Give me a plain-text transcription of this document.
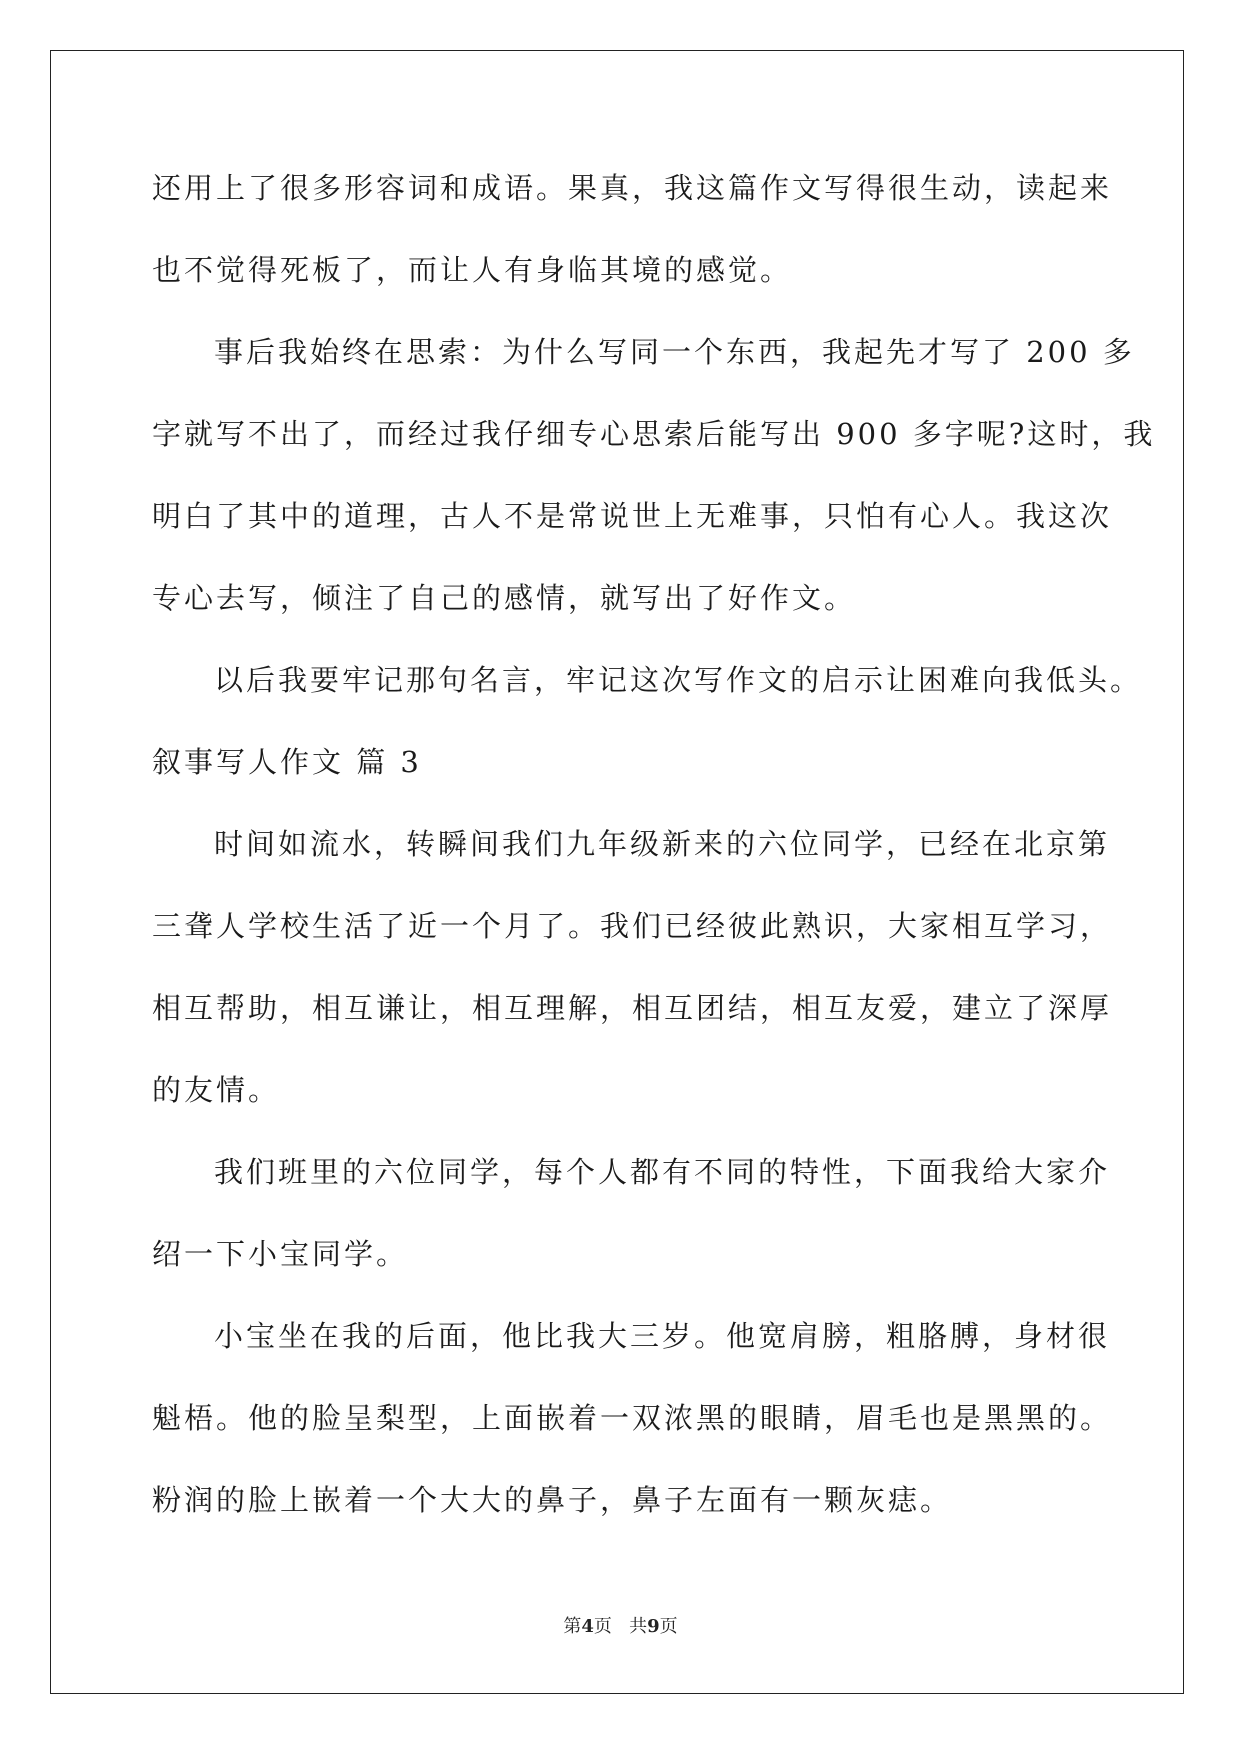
还用上了很多形容词和成语。果真，我这篇作文写得很生动，读起来
也不觉得死板了，而让人有身临其境的感觉。
事后我始终在思索：为什么写同一个东西，我起先才写了 200 多
字就写不出了，而经过我仔细专心思索后能写出 900 多字呢?这时，我
明白了其中的道理，古人不是常说世上无难事，只怕有心人。我这次
专心去写，倾注了自己的感情，就写出了好作文。
以后我要牢记那句名言，牢记这次写作文的启示让困难向我低头。
叙事写人作文 篇 3
时间如流水，转瞬间我们九年级新来的六位同学，已经在北京第
三聋人学校生活了近一个月了。我们已经彼此熟识，大家相互学习，
相互帮助，相互谦让，相互理解，相互团结，相互友爱，建立了深厚
的友情。
我们班里的六位同学，每个人都有不同的特性，下面我给大家介
绍一下小宝同学。
小宝坐在我的后面，他比我大三岁。他宽肩膀，粗胳膊，身材很
魁梧。他的脸呈梨型，上面嵌着一双浓黑的眼睛，眉毛也是黑黑的。
粉润的脸上嵌着一个大大的鼻子，鼻子左面有一颗灰痣。
第4页 共9页
